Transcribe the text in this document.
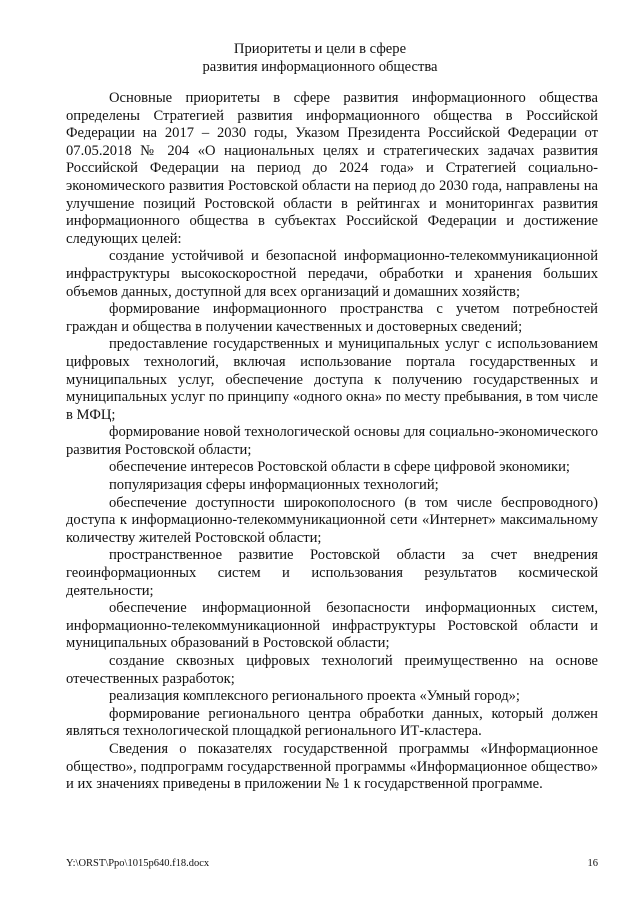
Приоритеты и цели в сфере
развития информационного общества

Основные приоритеты в сфере развития информационного общества определены Стратегией развития информационного общества в Российской Федерации на 2017 – 2030 годы, Указом Президента Российской Федерации от 07.05.2018 № 204 «О национальных целях и стратегических задачах развития Российской Федерации на период до 2024 года» и Стратегией социально-экономического развития Ростовской области на период до 2030 года, направлены на улучшение позиций Ростовской области в рейтингах и мониторингах развития информационного общества в субъектах Российской Федерации и достижение следующих целей:

создание устойчивой и безопасной информационно-телекоммуникационной инфраструктуры высокоскоростной передачи, обработки и хранения больших объемов данных, доступной для всех организаций и домашних хозяйств;

формирование информационного пространства с учетом потребностей граждан и общества в получении качественных и достоверных сведений;

предоставление государственных и муниципальных услуг с использованием цифровых технологий, включая использование портала государственных и муниципальных услуг, обеспечение доступа к получению государственных и муниципальных услуг по принципу «одного окна» по месту пребывания, в том числе в МФЦ;

формирование новой технологической основы для социально-экономического развития Ростовской области;

обеспечение интересов Ростовской области в сфере цифровой экономики;

популяризация сферы информационных технологий;

обеспечение доступности широкополосного (в том числе беспроводного) доступа к информационно-телекоммуникационной сети «Интернет» максимальному количеству жителей Ростовской области;

пространственное развитие Ростовской области за счет внедрения геоинформационных систем и использования результатов космической деятельности;

обеспечение информационной безопасности информационных систем, информационно-телекоммуникационной инфраструктуры Ростовской области и муниципальных образований в Ростовской области;

создание сквозных цифровых технологий преимущественно на основе отечественных разработок;

реализация комплексного регионального проекта «Умный город»;

формирование регионального центра обработки данных, который должен являться технологической площадкой регионального ИТ-кластера.

Сведения о показателях государственной программы «Информационное общество», подпрограмм государственной программы «Информационное общество» и их значениях приведены в приложении № 1 к государственной программе.

Y:\ORST\Ppo\1015p640.f18.docx	16
